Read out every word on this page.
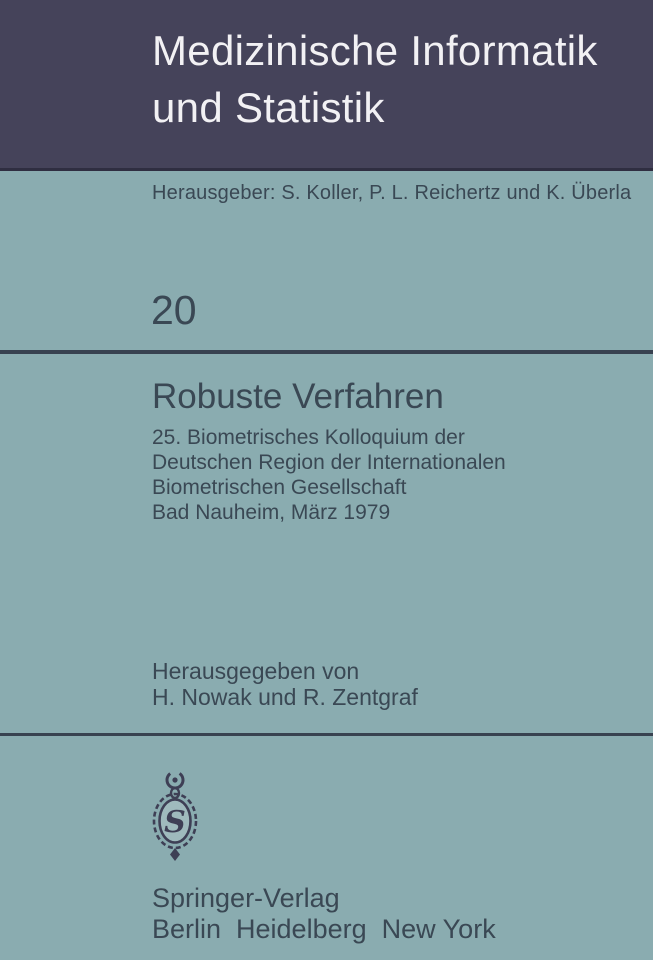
Medizinische Informatik
und Statistik
Herausgeber: S. Koller, P. L. Reichertz und K. Überla
20
Robuste Verfahren
25. Biometrisches Kolloquium der
Deutschen Region der Internationalen
Biometrischen Gesellschaft
Bad Nauheim, März 1979
Herausgegeben von
H. Nowak und R. Zentgraf
S
Springer-Verlag
Berlin Heidelberg New York
